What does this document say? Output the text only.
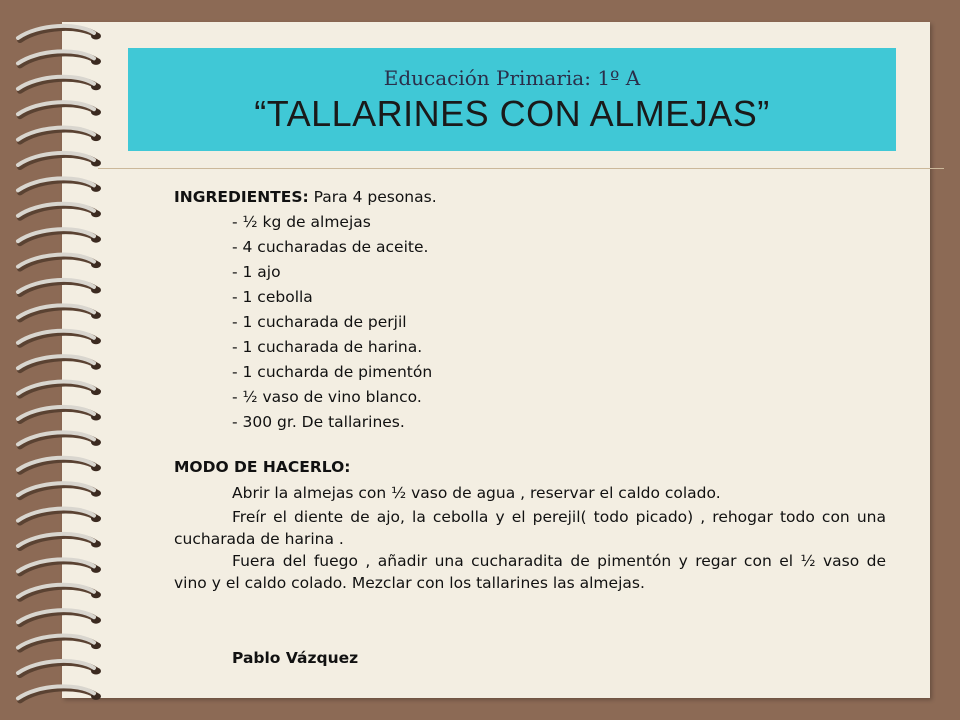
Educación Primaria: 1º A
“TALLARINES CON ALMEJAS”
INGREDIENTES: Para 4 pesonas.
- ½ kg de almejas
- 4 cucharadas de aceite.
- 1 ajo
- 1 cebolla
- 1 cucharada de perjil
- 1 cucharada de harina.
- 1 cucharda de pimentón
- ½ vaso de vino blanco.
- 300 gr. De tallarines.
MODO DE HACERLO:
Abrir la almejas con ½ vaso de agua , reservar el caldo colado.
Freír el diente de ajo, la cebolla y el perejil( todo picado) , rehogar todo con una cucharada de harina .
Fuera del fuego , añadir una cucharadita de pimentón y regar con el ½ vaso de vino y el caldo colado. Mezclar con los tallarines las almejas.
Pablo Vázquez
